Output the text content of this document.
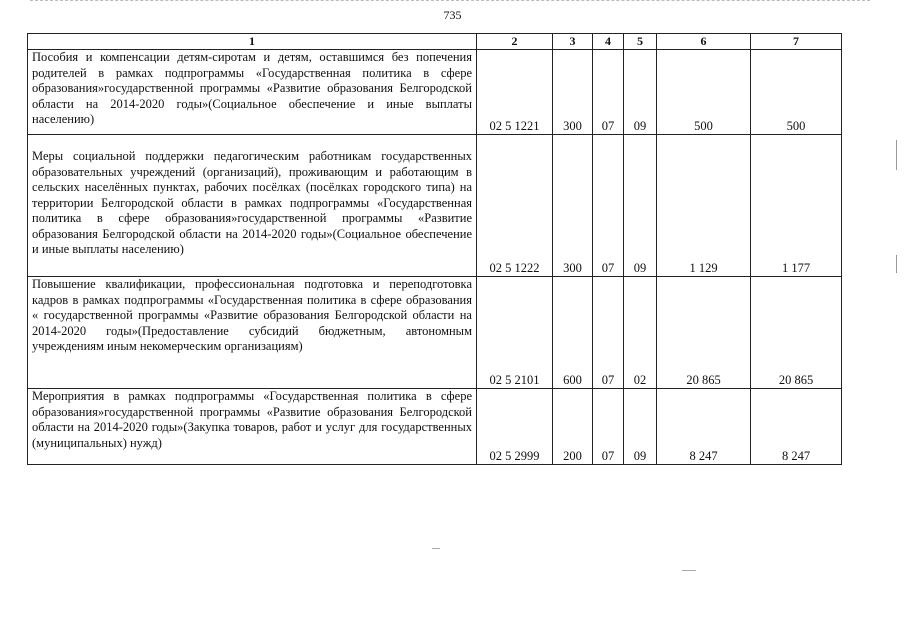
735
1	2	3	4	5	6	7
Пособия и компенсации детям-сиротам и детям, оставшимся без попечения родителей в рамках подпрограммы «Государственная политика в сфере образования»государственной программы «Развитие образования Белгородской области на 2014-2020 годы»(Социальное обеспечение и иные выплаты населению)	02 5 1221	300	07	09	500	500
Меры социальной поддержки педагогическим работникам государственных образовательных учреждений (организаций), проживающим и работающим в сельских населённых пунктах, рабочих посёлках (посёлках городского типа) на территории Белгородской области в рамках подпрограммы «Государственная политика в сфере образования»государственной программы «Развитие образования Белгородской области на 2014-2020 годы»(Социальное обеспечение и иные выплаты населению)	02 5 1222	300	07	09	1 129	1 177
Повышение квалификации, профессиональная подготовка и переподготовка кадров в рамках подпрограммы «Государственная политика в сфере образования « государственной программы «Развитие образования Белгородской области на 2014-2020 годы»(Предоставление субсидий бюджетным, автономным учреждениям иным некомерческим организациям)	02 5 2101	600	07	02	20 865	20 865
Мероприятия в рамках подпрограммы «Государственная политика в сфере образования»государственной программы «Развитие образования Белгородской области на 2014-2020 годы»(Закупка товаров, работ и услуг для государственных (муниципальных) нужд)	02 5 2999	200	07	09	8 247	8 247
